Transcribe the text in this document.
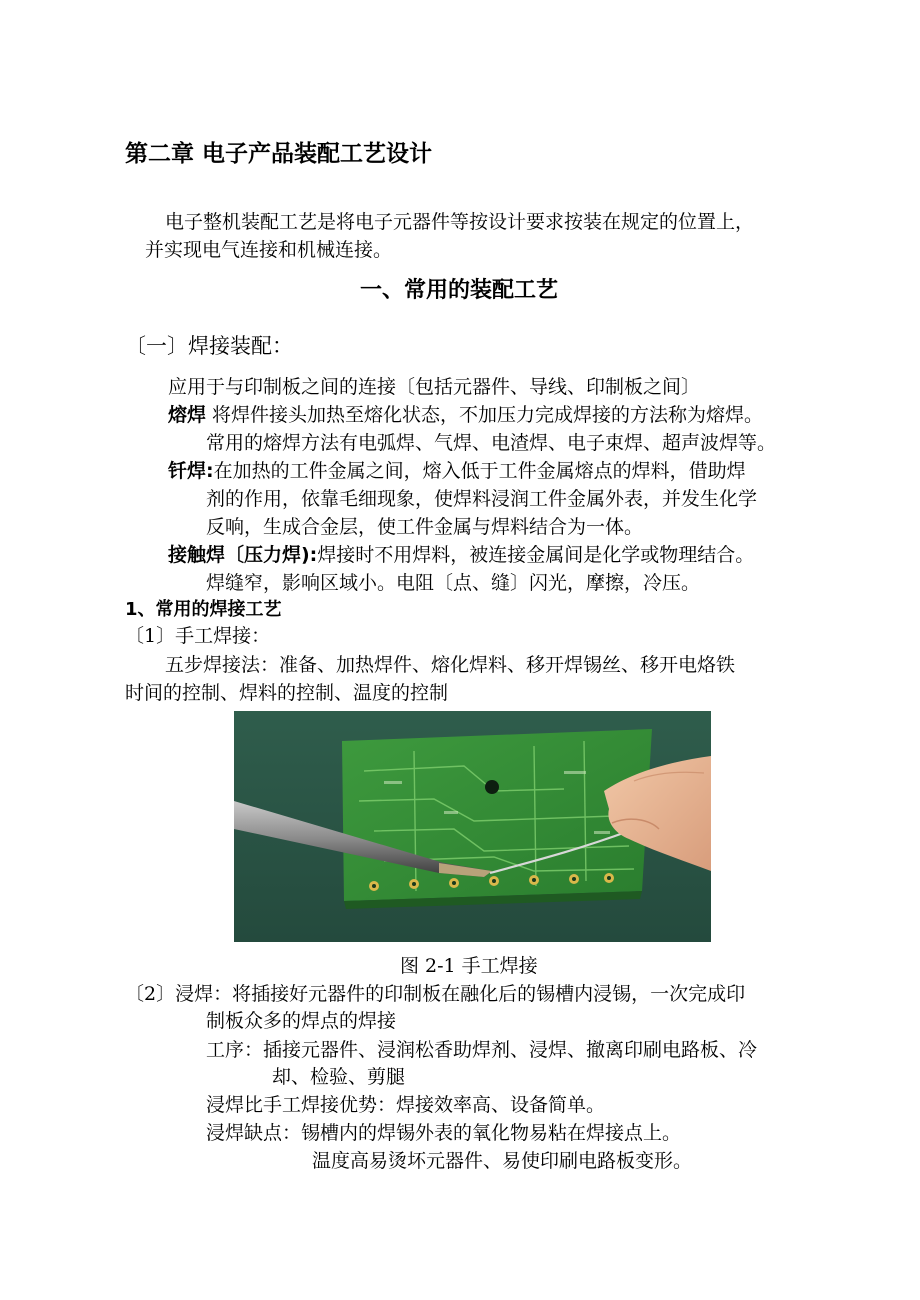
第二章 电子产品装配工艺设计
电子整机装配工艺是将电子元器件等按设计要求按装在规定的位置上，
并实现电气连接和机械连接。
一、常用的装配工艺
〔一〕焊接装配：
应用于与印制板之间的连接〔包括元器件、导线、印制板之间〕
熔焊 将焊件接头加热至熔化状态，不加压力完成焊接的方法称为熔焊。
常用的熔焊方法有电弧焊、气焊、电渣焊、电子束焊、超声波焊等。
钎焊:在加热的工件金属之间，熔入低于工件金属熔点的焊料，借助焊
剂的作用，依靠毛细现象，使焊料浸润工件金属外表，并发生化学
反响，生成合金层，使工件金属与焊料结合为一体。
接触焊〔压力焊):焊接时不用焊料，被连接金属间是化学或物理结合。
焊缝窄，影响区域小。电阻〔点、缝〕闪光，摩擦，冷压。
1、常用的焊接工艺
〔1〕手工焊接：
五步焊接法：准备、加热焊件、熔化焊料、移开焊锡丝、移开电烙铁
时间的控制、焊料的控制、温度的控制
图 2-1 手工焊接
〔2〕浸焊：将插接好元器件的印制板在融化后的锡槽内浸锡，一次完成印
制板众多的焊点的焊接
工序：插接元器件、浸润松香助焊剂、浸焊、撤离印刷电路板、冷
却、检验、剪腿
浸焊比手工焊接优势：焊接效率高、设备简单。
浸焊缺点：锡槽内的焊锡外表的氧化物易粘在焊接点上。
温度高易烫坏元器件、易使印刷电路板变形。
